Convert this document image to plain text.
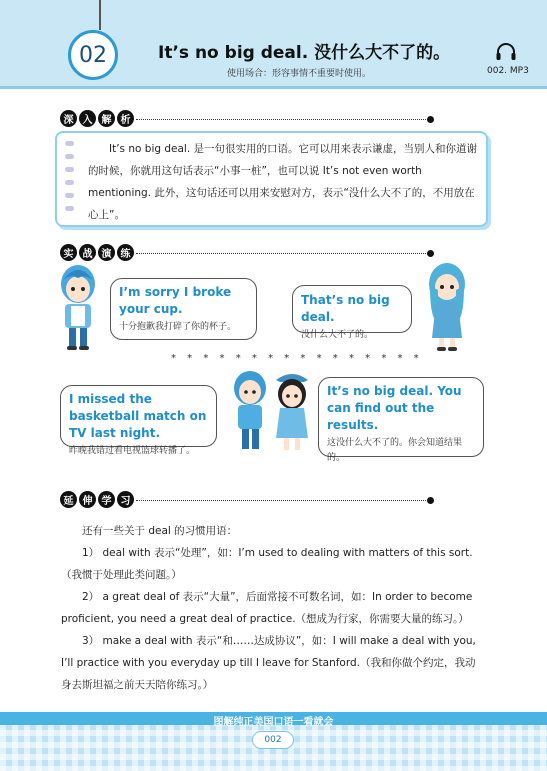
02	It’s no big deal. 没什么大不了的。
使用场合：形容事情不重要时使用。	002. MP3
深 入 解 析
It’s no big deal. 是一句很实用的口语。它可以用来表示谦虚，当别人和你道谢的时候，你就用这句话表示“小事一桩”，也可以说 It’s not even worth mentioning. 此外，这句话还可以用来安慰对方，表示“没什么大不了的，不用放在心上”。
实 战 演 练
I’m sorry I broke your cup.
十分抱歉我打碎了你的杯子。
That’s no big deal.
没什么大不了的。
* * * * * * * * * * * * * * * *
I missed the basketball match on TV last night.
昨晚我错过看电视篮球转播了。
It’s no big deal. You can find out the results.
这没什么大不了的。你会知道结果的。
延 伸 学 习
还有一些关于 deal 的习惯用语：
1） deal with 表示“处理”，如：I’m used to dealing with matters of this sort.（我惯于处理此类问题。）
2） a great deal of 表示“大量”，后面常接不可数名词，如：In order to become proficient, you need a great deal of practice.（想成为行家，你需要大量的练习。）
3） make a deal with 表示“和……达成协议”，如：I will make a deal with you, I’ll practice with you everyday up till I leave for Stanford.（我和你做个约定，我动身去斯坦福之前天天陪你练习。）
图解纯正美国口语一看就会
002
